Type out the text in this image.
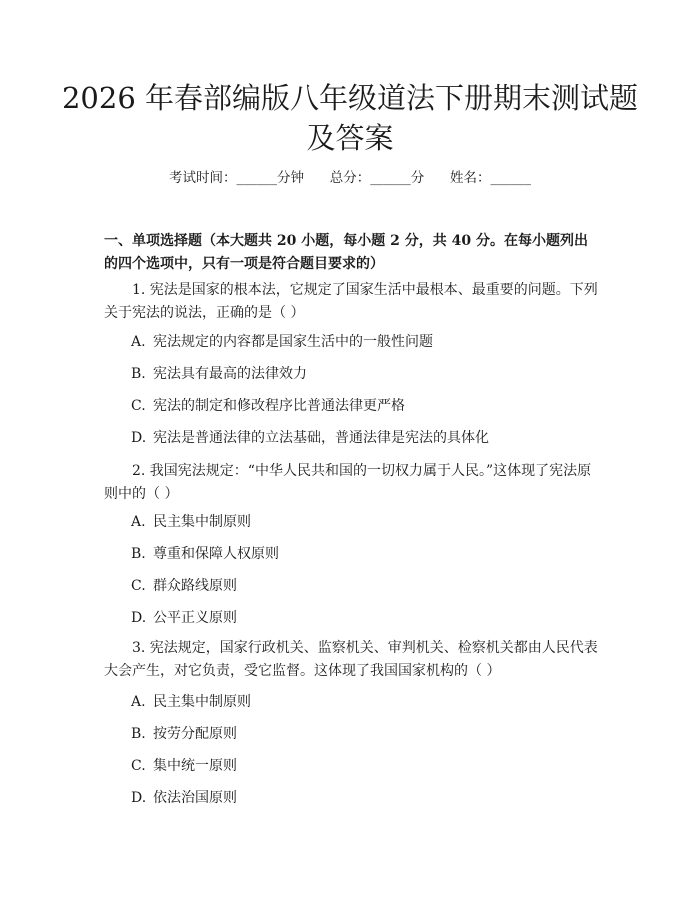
2026 年春部编版八年级道法下册期末测试题及答案
考试时间：______分钟 总分：______分 姓名：______
一、单项选择题（本大题共 20 小题，每小题 2 分，共 40 分。在每小题列出的四个选项中，只有一项是符合题目要求的）
1. 宪法是国家的根本法，它规定了国家生活中最根本、最重要的问题。下列关于宪法的说法，正确的是（ ）
A. 宪法规定的内容都是国家生活中的一般性问题
B. 宪法具有最高的法律效力
C. 宪法的制定和修改程序比普通法律更严格
D. 宪法是普通法律的立法基础，普通法律是宪法的具体化
2. 我国宪法规定：“中华人民共和国的一切权力属于人民。”这体现了宪法原则中的（ ）
A. 民主集中制原则
B. 尊重和保障人权原则
C. 群众路线原则
D. 公平正义原则
3. 宪法规定，国家行政机关、监察机关、审判机关、检察机关都由人民代表大会产生，对它负责，受它监督。这体现了我国国家机构的（ ）
A. 民主集中制原则
B. 按劳分配原则
C. 集中统一原则
D. 依法治国原则
